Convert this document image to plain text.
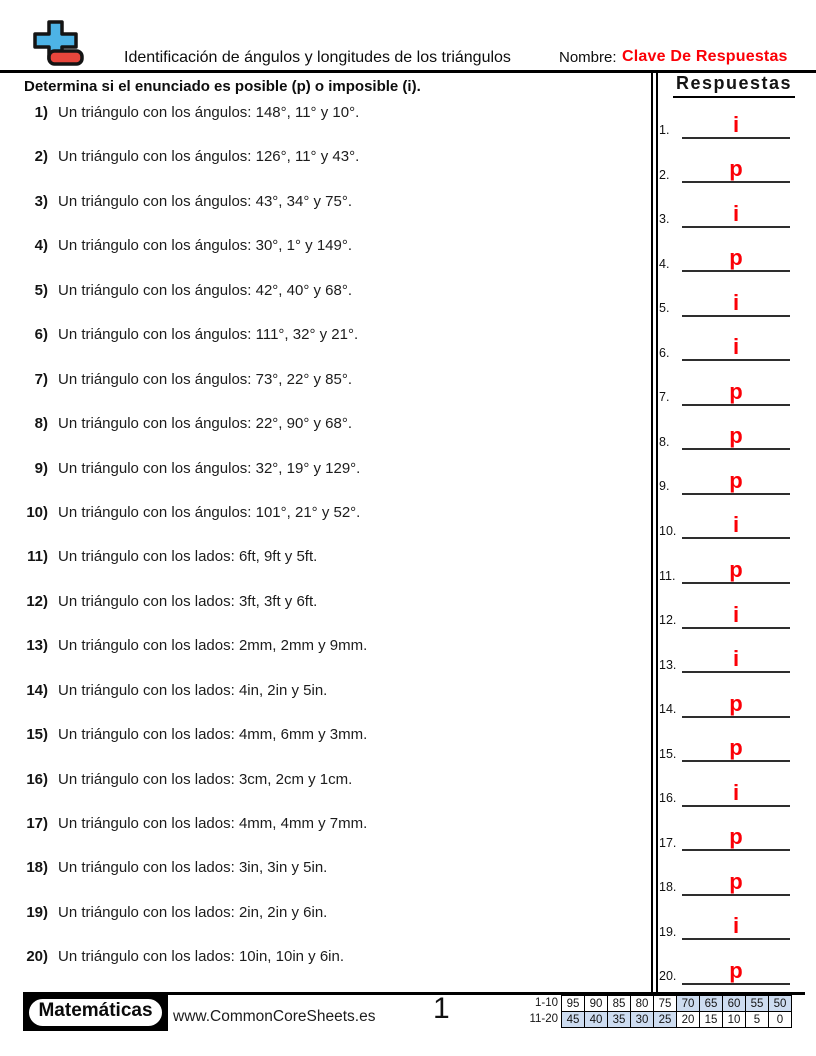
Identificación de ángulos y longitudes de los triángulos	Nombre: Clave De Respuestas
Determina si el enunciado es posible (p) o imposible (i).
1) Un triángulo con los ángulos: 148°, 11° y 10°.
2) Un triángulo con los ángulos: 126°, 11° y 43°.
3) Un triángulo con los ángulos: 43°, 34° y 75°.
4) Un triángulo con los ángulos: 30°, 1° y 149°.
5) Un triángulo con los ángulos: 42°, 40° y 68°.
6) Un triángulo con los ángulos: 111°, 32° y 21°.
7) Un triángulo con los ángulos: 73°, 22° y 85°.
8) Un triángulo con los ángulos: 22°, 90° y 68°.
9) Un triángulo con los ángulos: 32°, 19° y 129°.
10) Un triángulo con los ángulos: 101°, 21° y 52°.
11) Un triángulo con los lados: 6ft, 9ft y 5ft.
12) Un triángulo con los lados: 3ft, 3ft y 6ft.
13) Un triángulo con los lados: 2mm, 2mm y 9mm.
14) Un triángulo con los lados: 4in, 2in y 5in.
15) Un triángulo con los lados: 4mm, 6mm y 3mm.
16) Un triángulo con los lados: 3cm, 2cm y 1cm.
17) Un triángulo con los lados: 4mm, 4mm y 7mm.
18) Un triángulo con los lados: 3in, 3in y 5in.
19) Un triángulo con los lados: 2in, 2in y 6in.
20) Un triángulo con los lados: 10in, 10in y 6in.
Respuestas
1.	i
2.	p
3.	i
4.	p
5.	i
6.	i
7.	p
8.	p
9.	p
10.	i
11.	p
12.	i
13.	i
14.	p
15.	p
16.	i
17.	p
18.	p
19.	i
20.	p
Matemáticas	www.CommonCoreSheets.es 1	1-10 95 90 85 80 75 70 65 60 55 50
11-20 45 40 35 30 25 20 15 10	5	0
